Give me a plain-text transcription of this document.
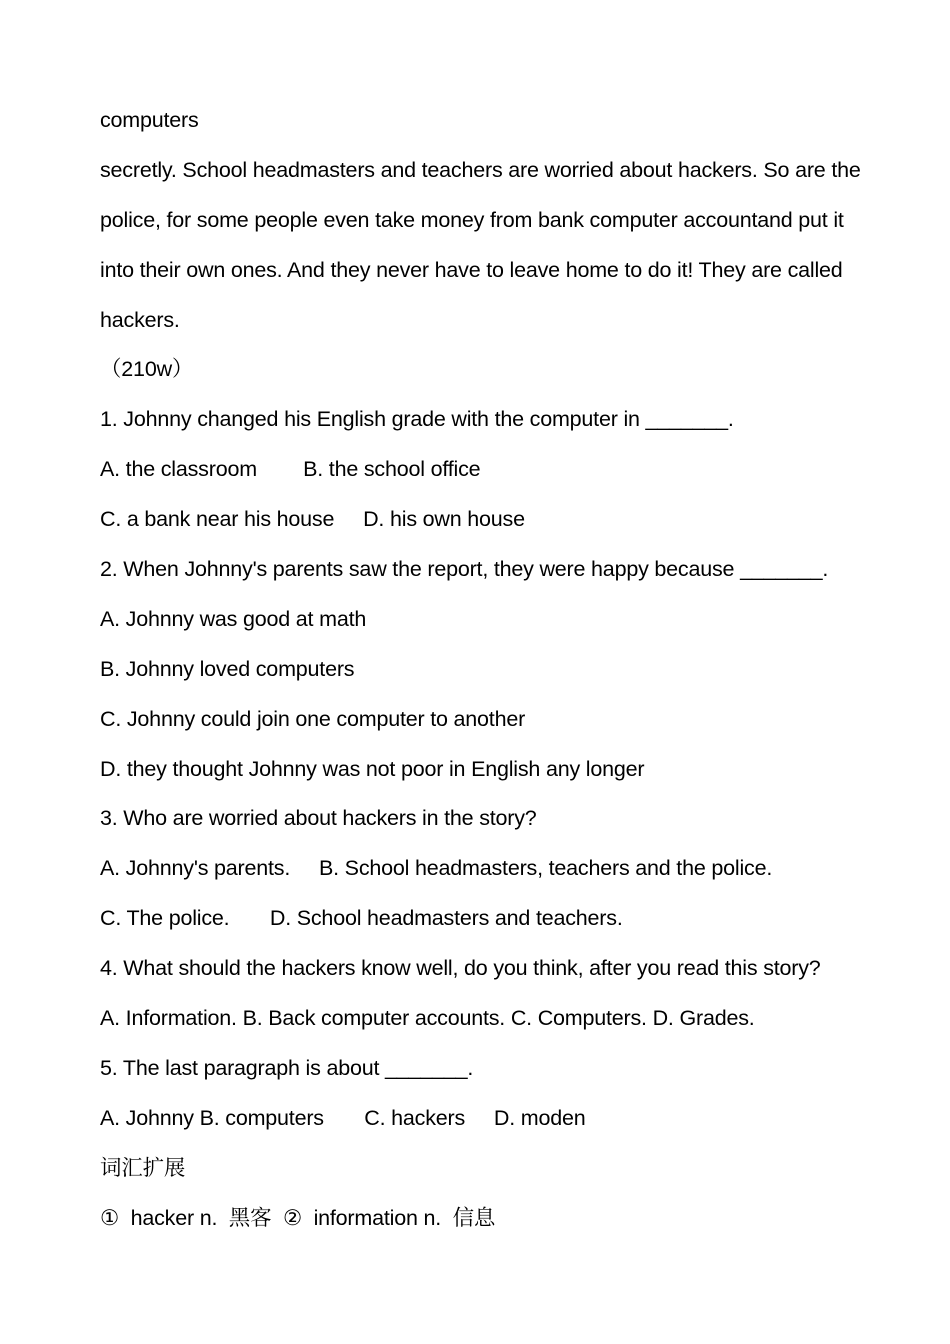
computers
secretly. School headmasters and teachers are worried about hackers. So are the
police, for some people even take money from bank computer accountand put it
into their own ones. And they never have to leave home to do it! They are called
hackers.
（210w）
1. Johnny changed his English grade with the computer in _______.
A. the classroom        B. the school office
C. a bank near his house     D. his own house
2. When Johnny's parents saw the report, they were happy because _______.
A. Johnny was good at math
B. Johnny loved computers
C. Johnny could join one computer to another
D. they thought Johnny was not poor in English any longer
3. Who are worried about hackers in the story?
A. Johnny's parents.     B. School headmasters, teachers and the police.
C. The police.       D. School headmasters and teachers.
4. What should the hackers know well, do you think, after you read this story?
A. Information. B. Back computer accounts. C. Computers. D. Grades.
5. The last paragraph is about _______.
A. Johnny B. computers       C. hackers     D. moden
词汇扩展
①  hacker n.  黑客  ②  information n.  信息
